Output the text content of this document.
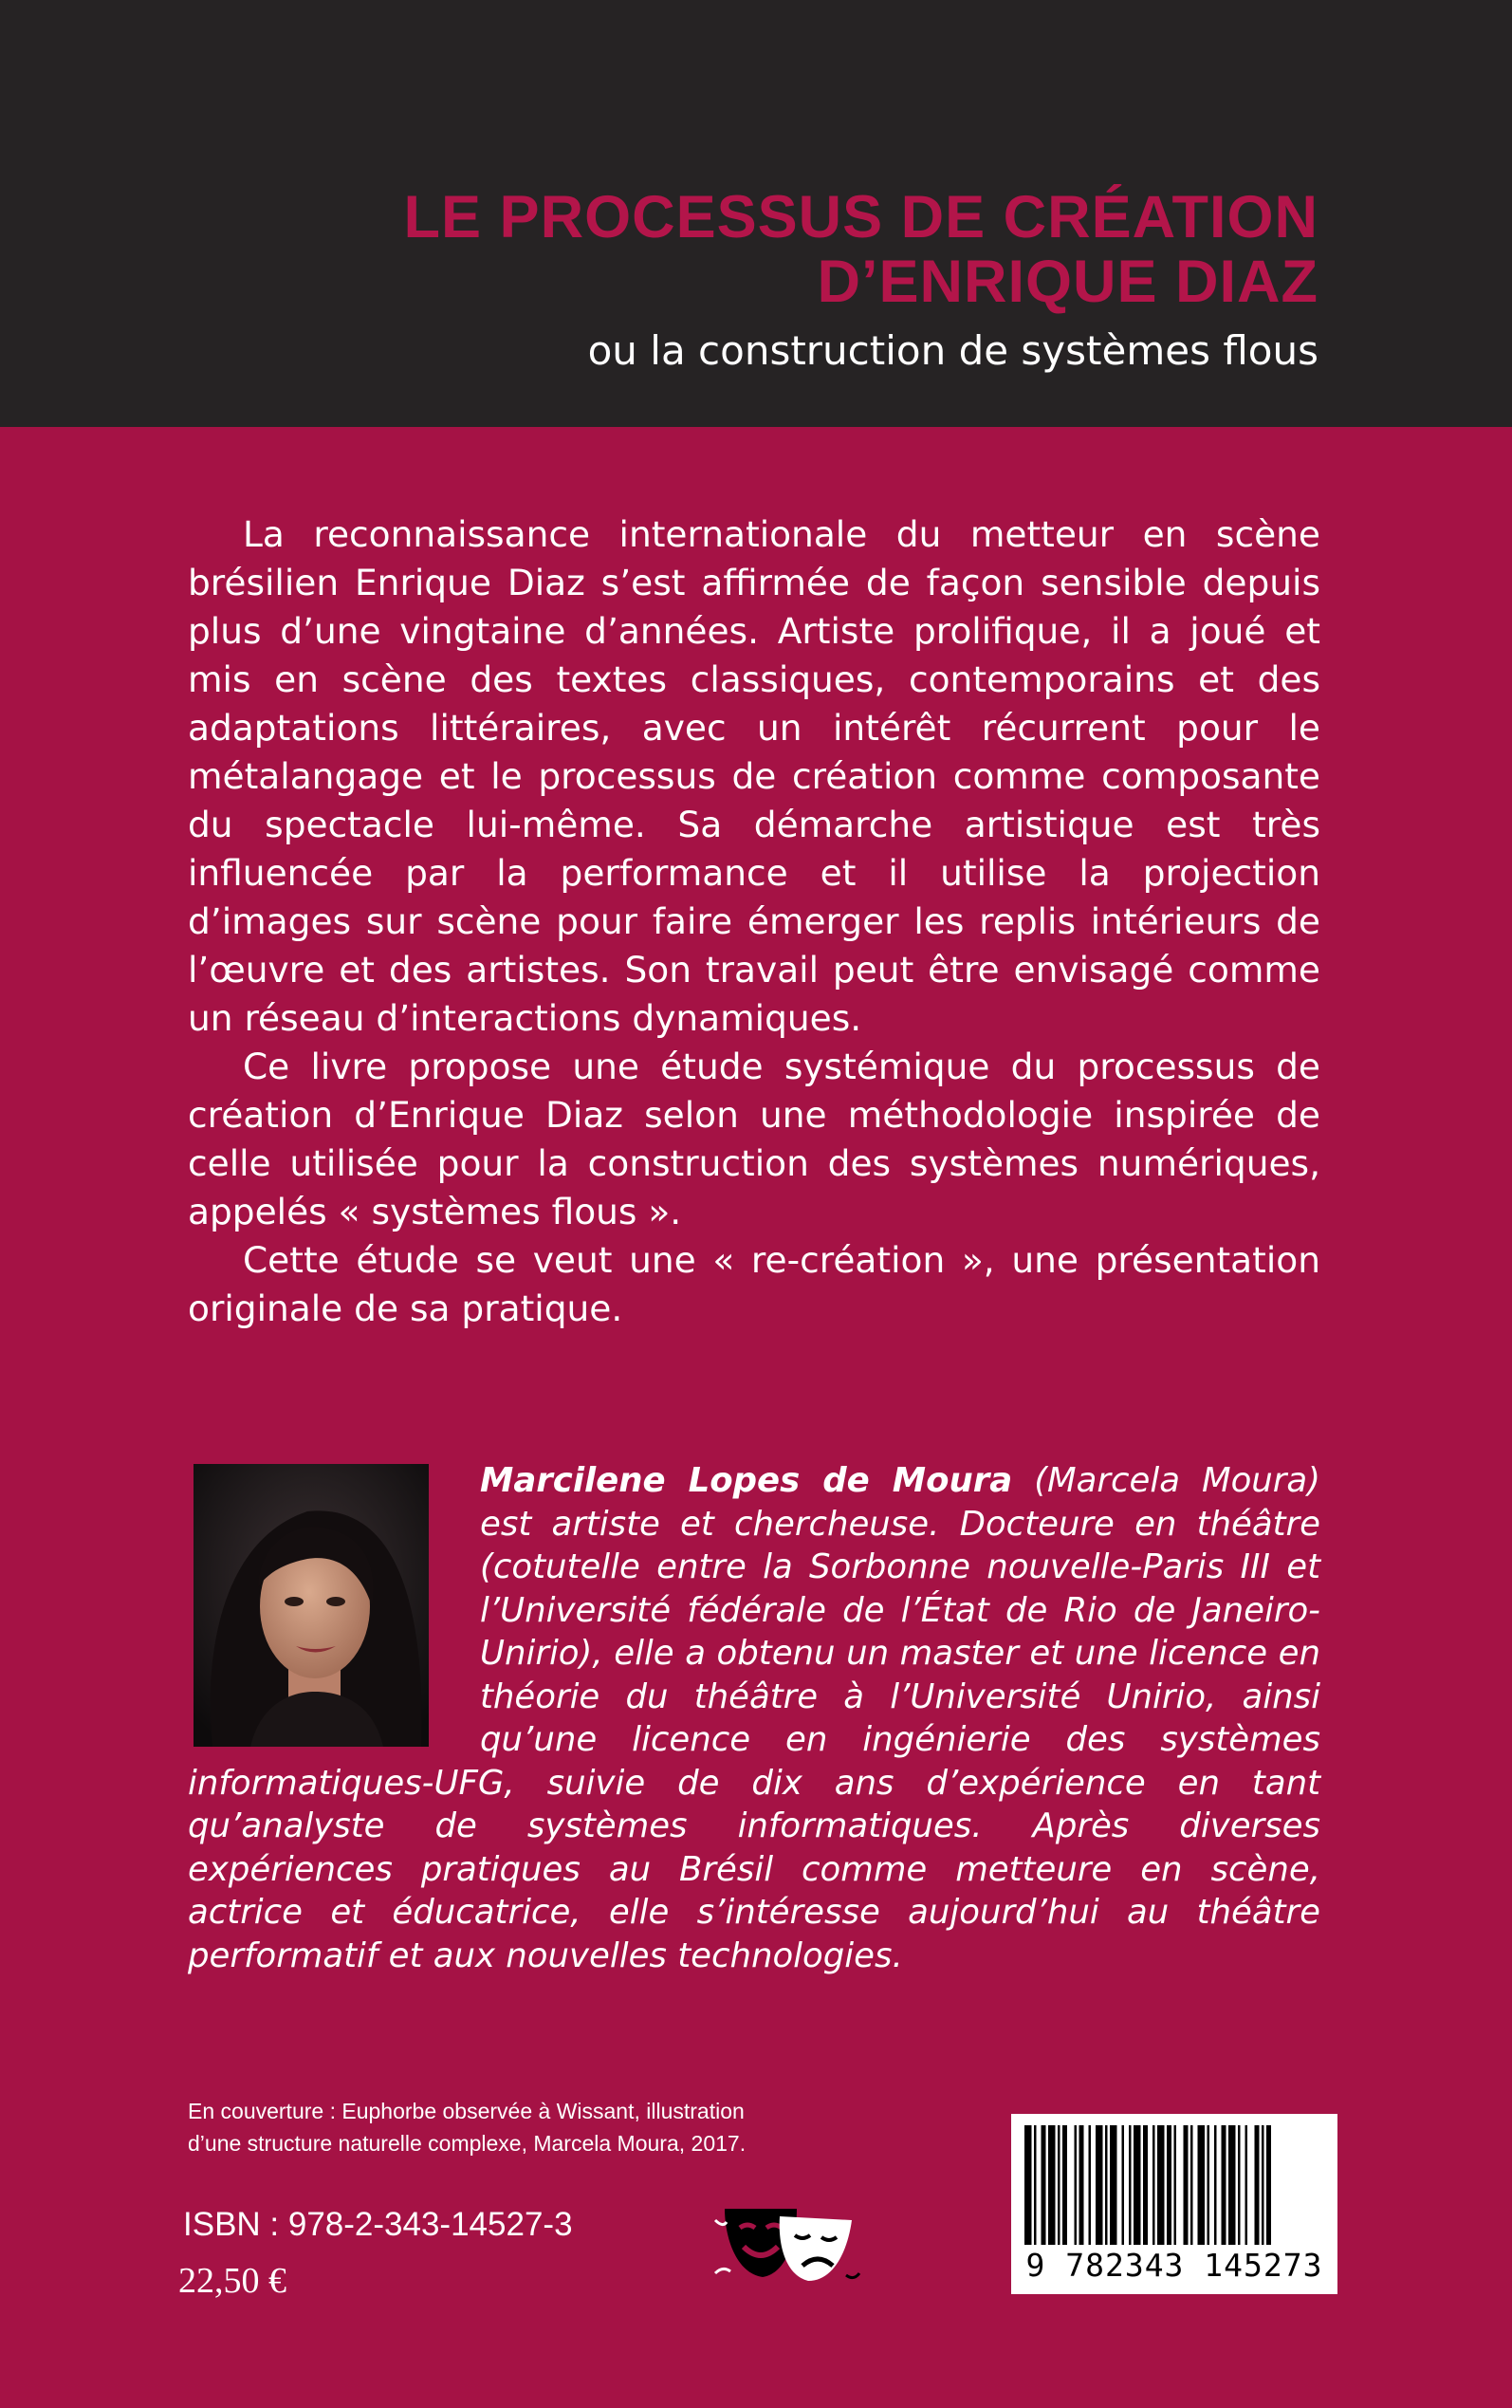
LE PROCESSUS DE CRÉATION
D’ENRIQUE DIAZ

ou la construction de systèmes flous

La reconnaissance internationale du metteur en scène brésilien Enrique Diaz s’est affirmée de façon sensible depuis plus d’une vingtaine d’années. Artiste prolifique, il a joué et mis en scène des textes classiques, contemporains et des adaptations littéraires, avec un intérêt récurrent pour le métalangage et le processus de création comme composante du spectacle lui-même. Sa démarche artistique est très influencée par la performance et il utilise la projection d’images sur scène pour faire émerger les replis intérieurs de l’œuvre et des artistes. Son travail peut être envisagé comme un réseau d’interactions dynamiques.

Ce livre propose une étude systémique du processus de création d’Enrique Diaz selon une méthodologie inspirée de celle utilisée pour la construction des systèmes numériques, appelés « systèmes flous ».

Cette étude se veut une « re-création », une présentation originale de sa pratique.

Marcilene Lopes de Moura (Marcela Moura) est artiste et chercheuse. Docteure en théâtre (cotutelle entre la Sorbonne nouvelle-Paris III et l’Université fédérale de l’État de Rio de Janeiro-Unirio), elle a obtenu un master et une licence en théorie du théâtre à l’Université Unirio, ainsi qu’une licence en ingénierie des systèmes informatiques-UFG, suivie de dix ans d’expérience en tant qu’analyste de systèmes informatiques. Après diverses expériences pratiques au Brésil comme metteure en scène, actrice et éducatrice, elle s’intéresse aujourd’hui au théâtre performatif et aux nouvelles technologies.

En couverture : Euphorbe observée à Wissant, illustration
d’une structure naturelle complexe, Marcela Moura, 2017.

ISBN : 978-2-343-14527-3

22,50 €	9 782343 145273
